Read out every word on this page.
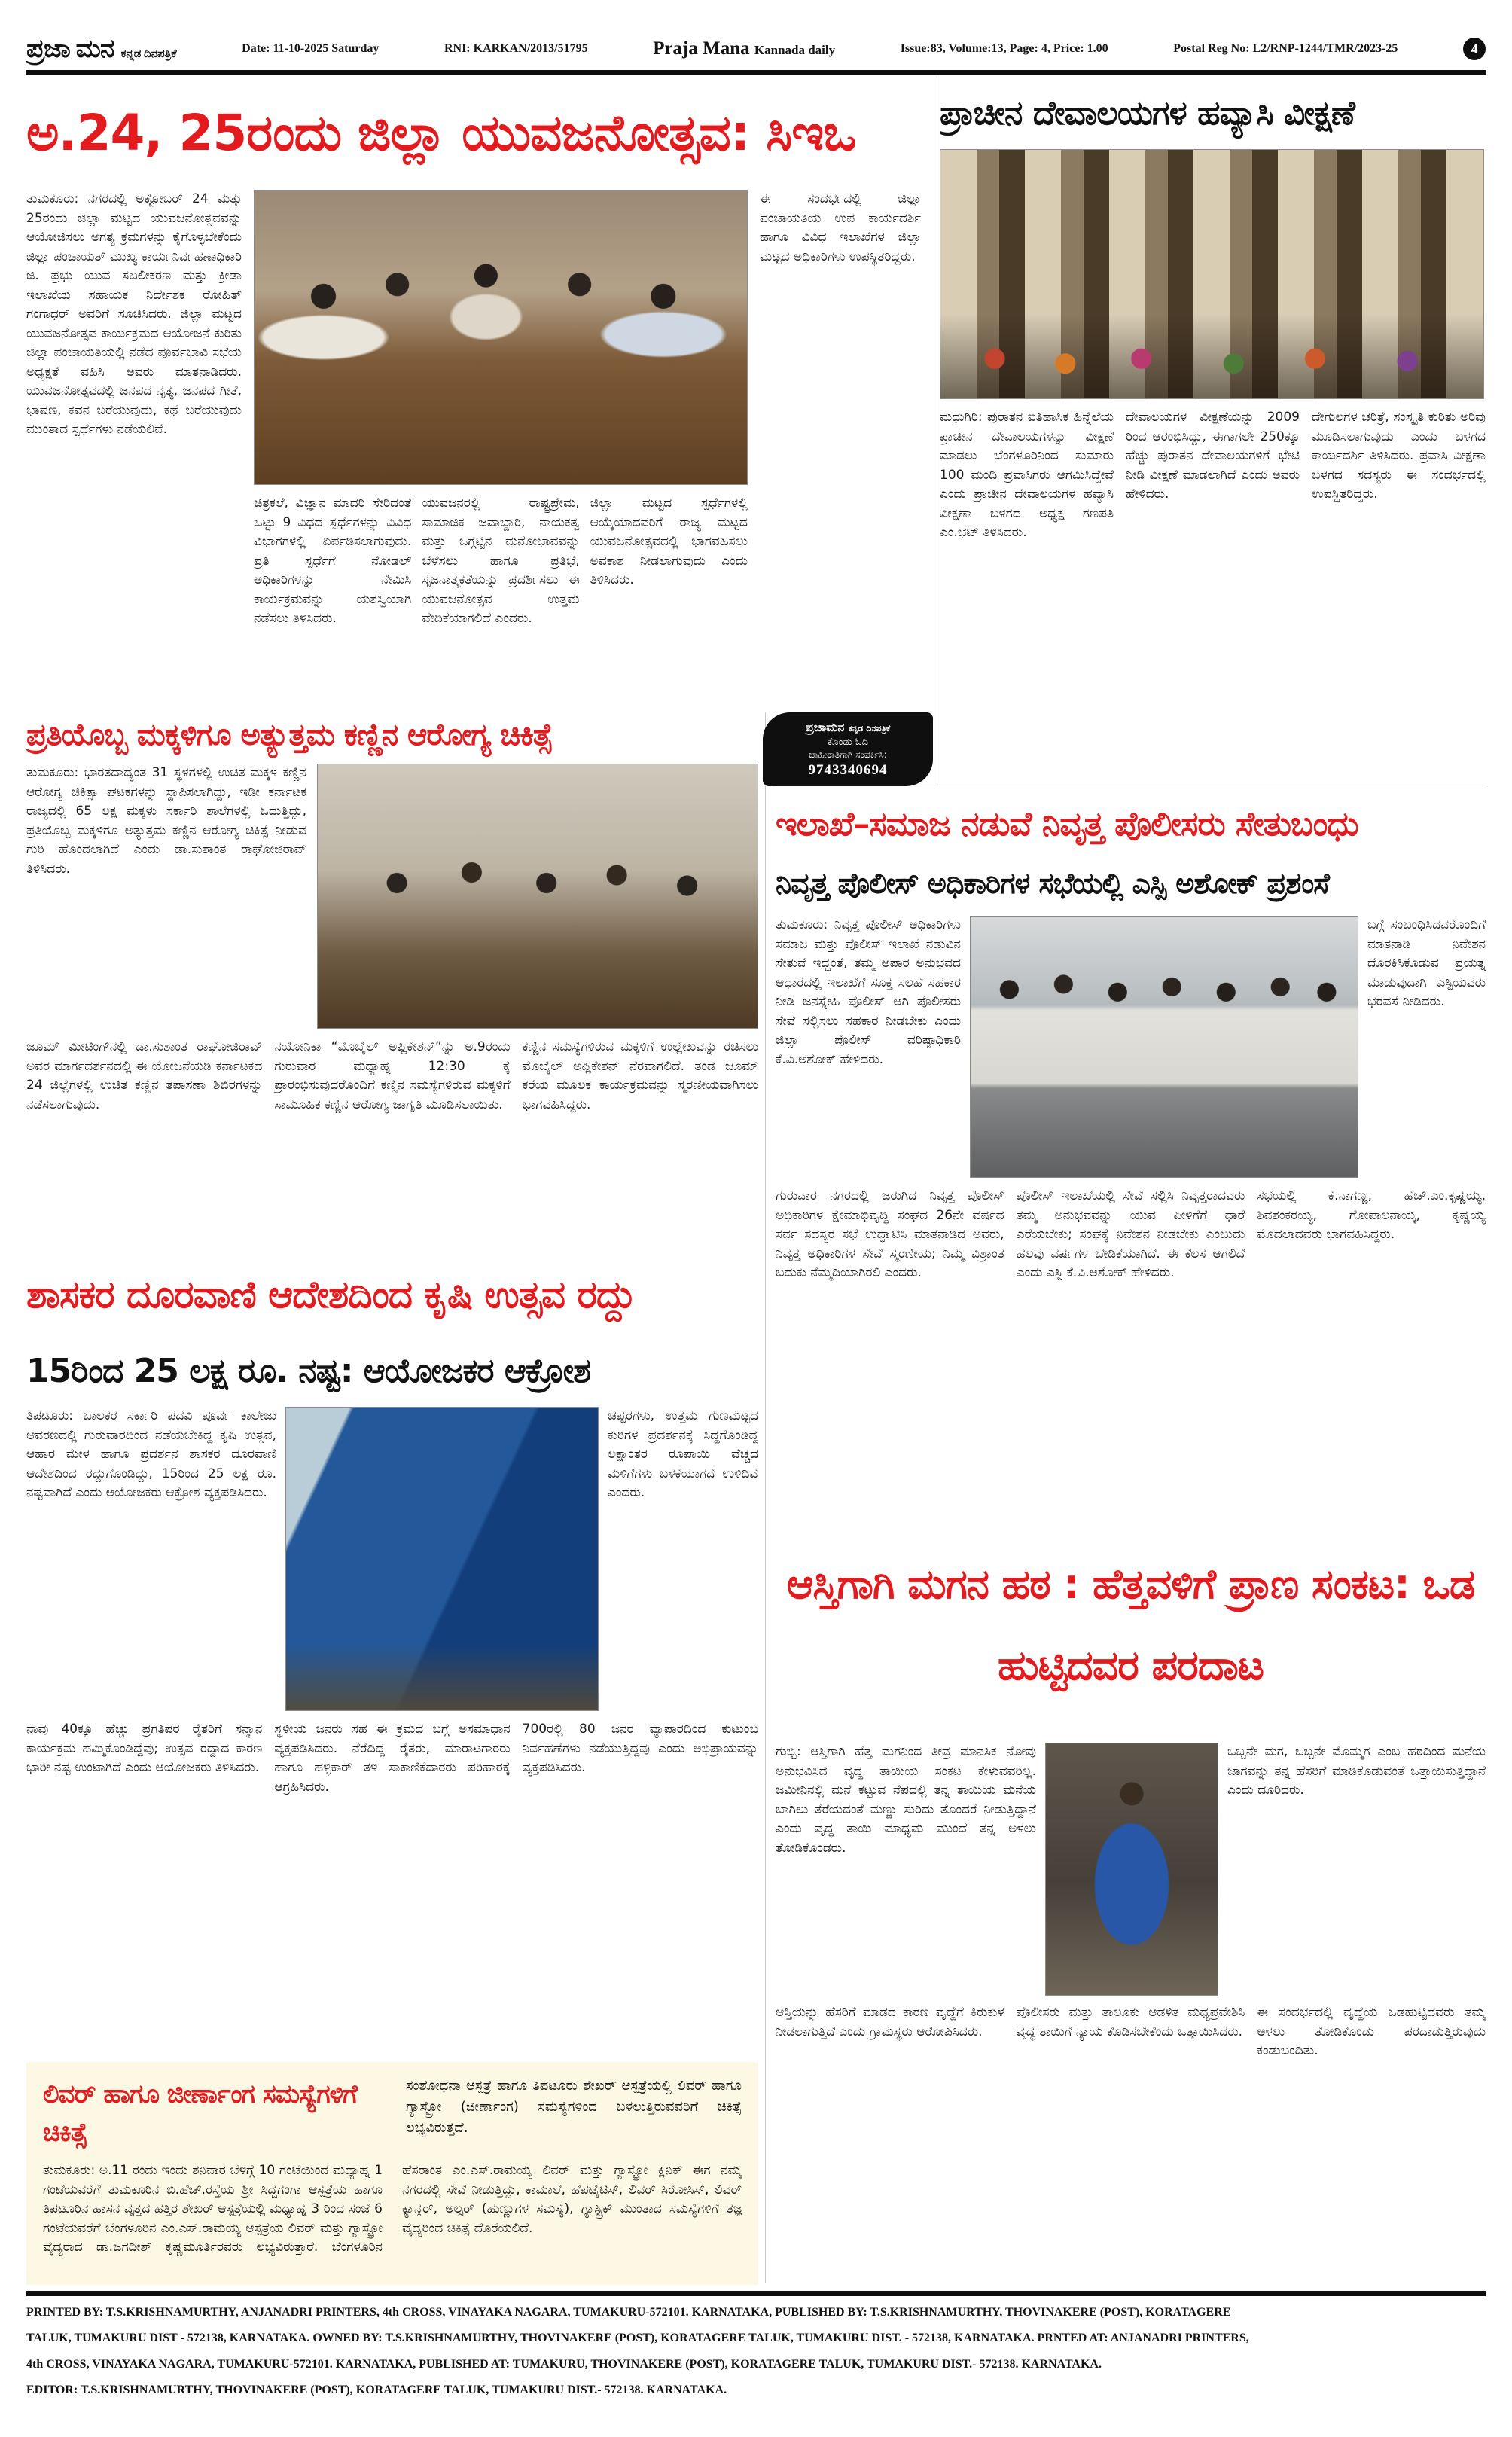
ಪ್ರಜಾ ಮನ ಕನ್ನಡ ದಿನಪತ್ರಿಕೆ	Date: 11-10-2025 Saturday	RNI: KARKAN/2013/51795	Praja Mana Kannada daily	Issue:83, Volume:13, Page: 4, Price: 1.00	Postal Reg No: L2/RNP-1244/TMR/2023-25	4
ಅ.24, 25ರಂದು ಜಿಲ್ಲಾ ಯುವಜನೋತ್ಸವ: ಸಿಇಒ
ತುಮಕೂರು: ನಗರದಲ್ಲಿ ಅಕ್ಟೋಬರ್ 24 ಮತ್ತು 25ರಂದು ಜಿಲ್ಲಾ ಮಟ್ಟದ ಯುವಜನೋತ್ಸವವನ್ನು ಆಯೋಜಿಸಲು ಅಗತ್ಯ ಕ್ರಮಗಳನ್ನು ಕೈಗೊಳ್ಳಬೇಕೆಂದು ಜಿಲ್ಲಾ ಪಂಚಾಯತ್ ಮುಖ್ಯ ಕಾರ್ಯನಿರ್ವಹಣಾಧಿಕಾರಿ ಜಿ. ಪ್ರಭು ಯುವ ಸಬಲೀಕರಣ ಮತ್ತು ಕ್ರೀಡಾ ಇಲಾಖೆಯ ಸಹಾಯಕ ನಿರ್ದೇಶಕ ರೋಹಿತ್ ಗಂಗಾಧರ್ ಅವರಿಗೆ ಸೂಚಿಸಿದರು. ಜಿಲ್ಲಾ ಮಟ್ಟದ ಯುವಜನೋತ್ಸವ ಕಾರ್ಯಕ್ರಮದ ಆಯೋಜನೆ ಕುರಿತು ಜಿಲ್ಲಾ ಪಂಚಾಯತಿಯಲ್ಲಿ ನಡೆದ ಪೂರ್ವಭಾವಿ ಸಭೆಯ ಅಧ್ಯಕ್ಷತೆ ವಹಿಸಿ ಅವರು ಮಾತನಾಡಿದರು. ಯುವಜನೋತ್ಸವದಲ್ಲಿ ಜನಪದ ನೃತ್ಯ, ಜನಪದ ಗೀತೆ, ಭಾಷಣ, ಕವನ ಬರೆಯುವುದು, ಕಥೆ ಬರೆಯುವುದು ಮುಂತಾದ ಸ್ಪರ್ಧೆಗಳು ನಡೆಯಲಿವೆ.
ಚಿತ್ರಕಲೆ, ವಿಜ್ಞಾನ ಮಾದರಿ ಸೇರಿದಂತೆ ಒಟ್ಟು 9 ವಿಧದ ಸ್ಪರ್ಧೆಗಳನ್ನು ವಿವಿಧ ವಿಭಾಗಗಳಲ್ಲಿ ಏರ್ಪಡಿಸಲಾಗುವುದು. ಪ್ರತಿ ಸ್ಪರ್ಧೆಗೆ ನೋಡಲ್ ಅಧಿಕಾರಿಗಳನ್ನು ನೇಮಿಸಿ ಕಾರ್ಯಕ್ರಮವನ್ನು ಯಶಸ್ವಿಯಾಗಿ ನಡೆಸಲು ತಿಳಿಸಿದರು.
ಯುವಜನರಲ್ಲಿ ರಾಷ್ಟ್ರಪ್ರೇಮ, ಸಾಮಾಜಿಕ ಜವಾಬ್ದಾರಿ, ನಾಯಕತ್ವ ಮತ್ತು ಒಗ್ಗಟ್ಟಿನ ಮನೋಭಾವವನ್ನು ಬೆಳೆಸಲು ಹಾಗೂ ಪ್ರತಿಭೆ, ಸೃಜನಾತ್ಮಕತೆಯನ್ನು ಪ್ರದರ್ಶಿಸಲು ಈ ಯುವಜನೋತ್ಸವ ಉತ್ತಮ ವೇದಿಕೆಯಾಗಲಿದೆ ಎಂದರು.
ಜಿಲ್ಲಾ ಮಟ್ಟದ ಸ್ಪರ್ಧೆಗಳಲ್ಲಿ ಆಯ್ಕೆಯಾದವರಿಗೆ ರಾಜ್ಯ ಮಟ್ಟದ ಯುವಜನೋತ್ಸವದಲ್ಲಿ ಭಾಗವಹಿಸಲು ಅವಕಾಶ ನೀಡಲಾಗುವುದು ಎಂದು ತಿಳಿಸಿದರು.
ಈ ಸಂದರ್ಭದಲ್ಲಿ ಜಿಲ್ಲಾ ಪಂಚಾಯತಿಯ ಉಪ ಕಾರ್ಯದರ್ಶಿ ಹಾಗೂ ವಿವಿಧ ಇಲಾಖೆಗಳ ಜಿಲ್ಲಾ ಮಟ್ಟದ ಅಧಿಕಾರಿಗಳು ಉಪಸ್ಥಿತರಿದ್ದರು.
ಪ್ರಾಚೀನ ದೇವಾಲಯಗಳ ಹವ್ಯಾಸಿ ವೀಕ್ಷಣೆ
ಮಧುಗಿರಿ: ಪುರಾತನ ಐತಿಹಾಸಿಕ ಹಿನ್ನೆಲೆಯ ಪ್ರಾಚೀನ ದೇವಾಲಯಗಳನ್ನು ವೀಕ್ಷಣೆ ಮಾಡಲು ಬೆಂಗಳೂರಿನಿಂದ ಸುಮಾರು 100 ಮಂದಿ ಪ್ರವಾಸಿಗರು ಆಗಮಿಸಿದ್ದೇವೆ ಎಂದು ಪ್ರಾಚೀನ ದೇವಾಲಯಗಳ ಹವ್ಯಾಸಿ ವೀಕ್ಷಣಾ ಬಳಗದ ಅಧ್ಯಕ್ಷ ಗಣಪತಿ ಎಂ.ಭಟ್ ತಿಳಿಸಿದರು.
ದೇವಾಲಯಗಳ ವೀಕ್ಷಣೆಯನ್ನು 2009 ರಿಂದ ಆರಂಭಿಸಿದ್ದು, ಈಗಾಗಲೇ 250ಕ್ಕೂ ಹೆಚ್ಚು ಪುರಾತನ ದೇವಾಲಯಗಳಿಗೆ ಭೇಟಿ ನೀಡಿ ವೀಕ್ಷಣೆ ಮಾಡಲಾಗಿದೆ ಎಂದು ಅವರು ಹೇಳಿದರು.
ದೇಗುಲಗಳ ಚರಿತ್ರೆ, ಸಂಸ್ಕೃತಿ ಕುರಿತು ಅರಿವು ಮೂಡಿಸಲಾಗುವುದು ಎಂದು ಬಳಗದ ಕಾರ್ಯದರ್ಶಿ ತಿಳಿಸಿದರು. ಪ್ರವಾಸಿ ವೀಕ್ಷಣಾ ಬಳಗದ ಸದಸ್ಯರು ಈ ಸಂದರ್ಭದಲ್ಲಿ ಉಪಸ್ಥಿತರಿದ್ದರು.
ಪ್ರಜಾಮನ ಕನ್ನಡ ದಿನಪತ್ರಿಕೆ
ಕೊಂಡು ಓದಿ
ಜಾಹೀರಾತಿಗಾಗಿ ಸಂಪರ್ಕಿಸಿ:
9743340694
ಪ್ರತಿಯೊಬ್ಬ ಮಕ್ಕಳಿಗೂ ಅತ್ಯುತ್ತಮ ಕಣ್ಣಿನ ಆರೋಗ್ಯ ಚಿಕಿತ್ಸೆ
ತುಮಕೂರು: ಭಾರತದಾದ್ಯಂತ 31 ಸ್ಥಳಗಳಲ್ಲಿ ಉಚಿತ ಮಕ್ಕಳ ಕಣ್ಣಿನ ಆರೋಗ್ಯ ಚಿಕಿತ್ಸಾ ಘಟಕಗಳನ್ನು ಸ್ಥಾಪಿಸಲಾಗಿದ್ದು, ಇಡೀ ಕರ್ನಾಟಕ ರಾಜ್ಯದಲ್ಲಿ 65 ಲಕ್ಷ ಮಕ್ಕಳು ಸರ್ಕಾರಿ ಶಾಲೆಗಳಲ್ಲಿ ಓದುತ್ತಿದ್ದು, ಪ್ರತಿಯೊಬ್ಬ ಮಕ್ಕಳಿಗೂ ಅತ್ಯುತ್ತಮ ಕಣ್ಣಿನ ಆರೋಗ್ಯ ಚಿಕಿತ್ಸೆ ನೀಡುವ ಗುರಿ ಹೊಂದಲಾಗಿದೆ ಎಂದು ಡಾ.ಸುಶಾಂತ ರಾಘೋಜಿರಾವ್ ತಿಳಿಸಿದರು.
ಜೂಮ್ ಮೀಟಿಂಗ್‌ನಲ್ಲಿ ಡಾ.ಸುಶಾಂತ ರಾಘೋಜಿರಾವ್ ಅವರ ಮಾರ್ಗದರ್ಶನದಲ್ಲಿ ಈ ಯೋಜನೆಯಡಿ ಕರ್ನಾಟಕದ 24 ಜಿಲ್ಲೆಗಳಲ್ಲಿ ಉಚಿತ ಕಣ್ಣಿನ ತಪಾಸಣಾ ಶಿಬಿರಗಳನ್ನು ನಡೆಸಲಾಗುವುದು.
ನಯೋನಿಕಾ “ಮೊಬೈಲ್ ಅಪ್ಲಿಕೇಶನ್”ನ್ನು ಅ.9ರಂದು ಗುರುವಾರ ಮಧ್ಯಾಹ್ನ 12:30 ಕ್ಕೆ ಪ್ರಾರಂಭಿಸುವುದರೊಂದಿಗೆ ಕಣ್ಣಿನ ಸಮಸ್ಯೆಗಳಿರುವ ಮಕ್ಕಳಿಗೆ ಸಾಮೂಹಿಕ ಕಣ್ಣಿನ ಆರೋಗ್ಯ ಜಾಗೃತಿ ಮೂಡಿಸಲಾಯಿತು.
ಕಣ್ಣಿನ ಸಮಸ್ಯೆಗಳಿರುವ ಮಕ್ಕಳಿಗೆ ಉಲ್ಲೇಖವನ್ನು ರಚಿಸಲು ಮೊಬೈಲ್ ಅಪ್ಲಿಕೇಶನ್ ನೆರವಾಗಲಿದೆ. ತಂಡ ಜೂಮ್ ಕರೆಯ ಮೂಲಕ ಕಾರ್ಯಕ್ರಮವನ್ನು ಸ್ಮರಣೀಯವಾಗಿಸಲು ಭಾಗವಹಿಸಿದ್ದರು.
ಇಲಾಖೆ–ಸಮಾಜ ನಡುವೆ ನಿವೃತ್ತ ಪೊಲೀಸರು ಸೇತುಬಂಧು
ನಿವೃತ್ತ ಪೊಲೀಸ್ ಅಧಿಕಾರಿಗಳ ಸಭೆಯಲ್ಲಿ ಎಸ್ಪಿ ಅಶೋಕ್ ಪ್ರಶಂಸೆ
ತುಮಕೂರು: ನಿವೃತ್ತ ಪೊಲೀಸ್ ಅಧಿಕಾರಿಗಳು ಸಮಾಜ ಮತ್ತು ಪೊಲೀಸ್ ಇಲಾಖೆ ನಡುವಿನ ಸೇತುವೆ ಇದ್ದಂತೆ, ತಮ್ಮ ಅಪಾರ ಅನುಭವದ ಆಧಾರದಲ್ಲಿ ಇಲಾಖೆಗೆ ಸೂಕ್ತ ಸಲಹೆ ಸಹಕಾರ ನೀಡಿ ಜನಸ್ನೇಹಿ ಪೊಲೀಸ್ ಆಗಿ ಪೊಲೀಸರು ಸೇವೆ ಸಲ್ಲಿಸಲು ಸಹಕಾರ ನೀಡಬೇಕು ಎಂದು ಜಿಲ್ಲಾ ಪೊಲೀಸ್ ವರಿಷ್ಠಾಧಿಕಾರಿ ಕೆ.ವಿ.ಅಶೋಕ್ ಹೇಳಿದರು.
ಬಗ್ಗೆ ಸಂಬಂಧಿಸಿದವರೊಂದಿಗೆ ಮಾತನಾಡಿ ನಿವೇಶನ ದೊರಕಿಸಿಕೊಡುವ ಪ್ರಯತ್ನ ಮಾಡುವುದಾಗಿ ಎಸ್ಪಿಯವರು ಭರವಸೆ ನೀಡಿದರು.
ಗುರುವಾರ ನಗರದಲ್ಲಿ ಜರುಗಿದ ನಿವೃತ್ತ ಪೊಲೀಸ್ ಅಧಿಕಾರಿಗಳ ಕ್ಷೇಮಾಭಿವೃದ್ಧಿ ಸಂಘದ 26ನೇ ವರ್ಷದ ಸರ್ವ ಸದಸ್ಯರ ಸಭೆ ಉದ್ಘಾಟಿಸಿ ಮಾತನಾಡಿದ ಅವರು, ನಿವೃತ್ತ ಅಧಿಕಾರಿಗಳ ಸೇವೆ ಸ್ಮರಣೀಯ; ನಿಮ್ಮ ವಿಶ್ರಾಂತ ಬದುಕು ನೆಮ್ಮದಿಯಾಗಿರಲಿ ಎಂದರು.
ಪೊಲೀಸ್ ಇಲಾಖೆಯಲ್ಲಿ ಸೇವೆ ಸಲ್ಲಿಸಿ ನಿವೃತ್ತರಾದವರು ತಮ್ಮ ಅನುಭವವನ್ನು ಯುವ ಪೀಳಿಗೆಗೆ ಧಾರೆ ಎರೆಯಬೇಕು; ಸಂಘಕ್ಕೆ ನಿವೇಶನ ನೀಡಬೇಕು ಎಂಬುದು ಹಲವು ವರ್ಷಗಳ ಬೇಡಿಕೆಯಾಗಿದೆ. ಈ ಕೆಲಸ ಆಗಲಿದೆ ಎಂದು ಎಸ್ಪಿ ಕೆ.ವಿ.ಅಶೋಕ್ ಹೇಳಿದರು.
ಸಭೆಯಲ್ಲಿ ಕೆ.ನಾಗಣ್ಣ, ಹೆಚ್.ಎಂ.ಕೃಷ್ಣಯ್ಯ, ಶಿವಶಂಕರಯ್ಯ, ಗೋಪಾಲನಾಯ್ಕ, ಕೃಷ್ಣಯ್ಯ ಮೊದಲಾದವರು ಭಾಗವಹಿಸಿದ್ದರು.
ಶಾಸಕರ ದೂರವಾಣಿ ಆದೇಶದಿಂದ ಕೃಷಿ ಉತ್ಸವ ರದ್ದು
15ರಿಂದ 25 ಲಕ್ಷ ರೂ. ನಷ್ಟ: ಆಯೋಜಕರ ಆಕ್ರೋಶ
ತಿಪಟೂರು: ಬಾಲಕರ ಸರ್ಕಾರಿ ಪದವಿ ಪೂರ್ವ ಕಾಲೇಜು ಆವರಣದಲ್ಲಿ ಗುರುವಾರದಿಂದ ನಡೆಯಬೇಕಿದ್ದ ಕೃಷಿ ಉತ್ಸವ, ಆಹಾರ ಮೇಳ ಹಾಗೂ ಪ್ರದರ್ಶನ ಶಾಸಕರ ದೂರವಾಣಿ ಆದೇಶದಿಂದ ರದ್ದುಗೊಂಡಿದ್ದು, 15ರಿಂದ 25 ಲಕ್ಷ ರೂ. ನಷ್ಟವಾಗಿದೆ ಎಂದು ಆಯೋಜಕರು ಆಕ್ರೋಶ ವ್ಯಕ್ತಪಡಿಸಿದರು.
ಚಪ್ಪರಗಳು, ಉತ್ತಮ ಗುಣಮಟ್ಟದ ಕುರಿಗಳ ಪ್ರದರ್ಶನಕ್ಕೆ ಸಿದ್ಧಗೊಂಡಿದ್ದ ಲಕ್ಷಾಂತರ ರೂಪಾಯಿ ವೆಚ್ಚದ ಮಳಿಗೆಗಳು ಬಳಕೆಯಾಗದೆ ಉಳಿದಿವೆ ಎಂದರು.
ನಾವು 40ಕ್ಕೂ ಹೆಚ್ಚು ಪ್ರಗತಿಪರ ರೈತರಿಗೆ ಸನ್ಮಾನ ಕಾರ್ಯಕ್ರಮ ಹಮ್ಮಿಕೊಂಡಿದ್ದೆವು; ಉತ್ಸವ ರದ್ದಾದ ಕಾರಣ ಭಾರೀ ನಷ್ಟ ಉಂಟಾಗಿದೆ ಎಂದು ಆಯೋಜಕರು ತಿಳಿಸಿದರು.
ಸ್ಥಳೀಯ ಜನರು ಸಹ ಈ ಕ್ರಮದ ಬಗ್ಗೆ ಅಸಮಾಧಾನ ವ್ಯಕ್ತಪಡಿಸಿದರು. ನೆರೆದಿದ್ದ ರೈತರು, ಮಾರಾಟಗಾರರು ಹಾಗೂ ಹಳ್ಳಿಕಾರ್ ತಳಿ ಸಾಕಾಣಿಕೆದಾರರು ಪರಿಹಾರಕ್ಕೆ ಆಗ್ರಹಿಸಿದರು.
700ರಲ್ಲಿ 80 ಜನರ ವ್ಯಾಪಾರದಿಂದ ಕುಟುಂಬ ನಿರ್ವಹಣೆಗಳು ನಡೆಯುತ್ತಿದ್ದವು ಎಂದು ಅಭಿಪ್ರಾಯವನ್ನು ವ್ಯಕ್ತಪಡಿಸಿದರು.
ಆಸ್ತಿಗಾಗಿ ಮಗನ ಹಠ : ಹೆತ್ತವಳಿಗೆ ಪ್ರಾಣ ಸಂಕಟ: ಒಡ ಹುಟ್ಟಿದವರ ಪರದಾಟ
ಗುಬ್ಬಿ: ಆಸ್ತಿಗಾಗಿ ಹೆತ್ತ ಮಗನಿಂದ ತೀವ್ರ ಮಾನಸಿಕ ನೋವು ಅನುಭವಿಸಿದ ವೃದ್ಧ ತಾಯಿಯ ಸಂಕಟ ಕೇಳುವವರಿಲ್ಲ. ಜಮೀನಿನಲ್ಲಿ ಮನೆ ಕಟ್ಟುವ ನೆಪದಲ್ಲಿ ತನ್ನ ತಾಯಿಯ ಮನೆಯ ಬಾಗಿಲು ತೆರೆಯದಂತೆ ಮಣ್ಣು ಸುರಿದು ತೊಂದರೆ ನೀಡುತ್ತಿದ್ದಾನೆ ಎಂದು ವೃದ್ಧ ತಾಯಿ ಮಾಧ್ಯಮ ಮುಂದೆ ತನ್ನ ಅಳಲು ತೋಡಿಕೊಂಡರು.
ಒಬ್ಬನೇ ಮಗ, ಒಬ್ಬನೇ ಮೊಮ್ಮಗ ಎಂಬ ಹಠದಿಂದ ಮನೆಯ ಜಾಗವನ್ನು ತನ್ನ ಹೆಸರಿಗೆ ಮಾಡಿಕೊಡುವಂತೆ ಒತ್ತಾಯಿಸುತ್ತಿದ್ದಾನೆ ಎಂದು ದೂರಿದರು.
ಆಸ್ತಿಯನ್ನು ಹೆಸರಿಗೆ ಮಾಡದ ಕಾರಣ ವೃದ್ಧೆಗೆ ಕಿರುಕುಳ ನೀಡಲಾಗುತ್ತಿದೆ ಎಂದು ಗ್ರಾಮಸ್ಥರು ಆರೋಪಿಸಿದರು.
ಪೊಲೀಸರು ಮತ್ತು ತಾಲೂಕು ಆಡಳಿತ ಮಧ್ಯಪ್ರವೇಶಿಸಿ ವೃದ್ಧ ತಾಯಿಗೆ ನ್ಯಾಯ ಕೊಡಿಸಬೇಕೆಂದು ಒತ್ತಾಯಿಸಿದರು.
ಈ ಸಂದರ್ಭದಲ್ಲಿ ವೃದ್ಧೆಯ ಒಡಹುಟ್ಟಿದವರು ತಮ್ಮ ಅಳಲು ತೋಡಿಕೊಂಡು ಪರದಾಡುತ್ತಿರುವುದು ಕಂಡುಬಂದಿತು.
ಲಿವರ್ ಹಾಗೂ ಜೀರ್ಣಾಂಗ ಸಮಸ್ಯೆಗಳಿಗೆ ಚಿಕಿತ್ಸೆ
ಸಂಶೋಧನಾ ಆಸ್ಪತ್ರೆ ಹಾಗೂ ತಿಪಟೂರು ಶೇಖರ್ ಆಸ್ಪತ್ರೆಯಲ್ಲಿ ಲಿವರ್ ಹಾಗೂ ಗ್ಯಾಸ್ಟ್ರೋ (ಜೀರ್ಣಾಂಗ) ಸಮಸ್ಯೆಗಳಿಂದ ಬಳಲುತ್ತಿರುವವರಿಗೆ ಚಿಕಿತ್ಸೆ ಲಭ್ಯವಿರುತ್ತದೆ.
ತುಮಕೂರು: ಅ.11 ರಂದು ಇಂದು ಶನಿವಾರ ಬೆಳಿಗ್ಗೆ 10 ಗಂಟೆಯಿಂದ ಮಧ್ಯಾಹ್ನ 1 ಗಂಟೆಯವರೆಗೆ ತುಮಕೂರಿನ ಬಿ.ಹೆಚ್.ರಸ್ತೆಯ ಶ್ರೀ ಸಿದ್ದಗಂಗಾ ಆಸ್ಪತ್ರೆಯ ಹಾಗೂ ತಿಪಟೂರಿನ ಹಾಸನ ವೃತ್ತದ ಹತ್ತಿರ ಶೇಖರ್ ಆಸ್ಪತ್ರೆಯಲ್ಲಿ ಮಧ್ಯಾಹ್ನ 3 ರಿಂದ ಸಂಜೆ 6 ಗಂಟೆಯವರೆಗೆ ಬೆಂಗಳೂರಿನ ಎಂ.ಎಸ್.ರಾಮಯ್ಯ ಆಸ್ಪತ್ರೆಯ ಲಿವರ್ ಮತ್ತು ಗ್ಯಾಸ್ಟ್ರೋ ವೈದ್ಯರಾದ ಡಾ.ಜಗದೀಶ್ ಕೃಷ್ಣಮೂರ್ತಿರವರು ಲಭ್ಯವಿರುತ್ತಾರೆ. ಬೆಂಗಳೂರಿನ ಹೆಸರಾಂತ ಎಂ.ಎಸ್.ರಾಮಯ್ಯ ಲಿವರ್ ಮತ್ತು ಗ್ಯಾಸ್ಟ್ರೋ ಕ್ಲಿನಿಕ್ ಈಗ ನಮ್ಮ ನಗರದಲ್ಲಿ ಸೇವೆ ನೀಡುತ್ತಿದ್ದು, ಕಾಮಾಲೆ, ಹೆಪಟೈಟಿಸ್, ಲಿವರ್ ಸಿರೋಸಿಸ್, ಲಿವರ್ ಕ್ಯಾನ್ಸರ್, ಅಲ್ಸರ್ (ಹುಣ್ಣುಗಳ ಸಮಸ್ಯೆ), ಗ್ಯಾಸ್ಟ್ರಿಕ್ ಮುಂತಾದ ಸಮಸ್ಯೆಗಳಿಗೆ ತಜ್ಞ ವೈದ್ಯರಿಂದ ಚಿಕಿತ್ಸೆ ದೊರೆಯಲಿದೆ.
PRINTED BY: T.S.KRISHNAMURTHY, ANJANADRI PRINTERS, 4th CROSS, VINAYAKA NAGARA, TUMAKURU-572101. KARNATAKA, PUBLISHED BY: T.S.KRISHNAMURTHY, THOVINAKERE (POST), KORATAGERE
TALUK, TUMAKURU DIST - 572138, KARNATAKA. OWNED BY: T.S.KRISHNAMURTHY, THOVINAKERE (POST), KORATAGERE TALUK, TUMAKURU DIST. - 572138, KARNATAKA. PRNTED AT: ANJANADRI PRINTERS,
4th CROSS, VINAYAKA NAGARA, TUMAKURU-572101. KARNATAKA, PUBLISHED AT: TUMAKURU, THOVINAKERE (POST), KORATAGERE TALUK, TUMAKURU DIST.- 572138. KARNATAKA.
EDITOR: T.S.KRISHNAMURTHY, THOVINAKERE (POST), KORATAGERE TALUK, TUMAKURU DIST.- 572138. KARNATAKA.
